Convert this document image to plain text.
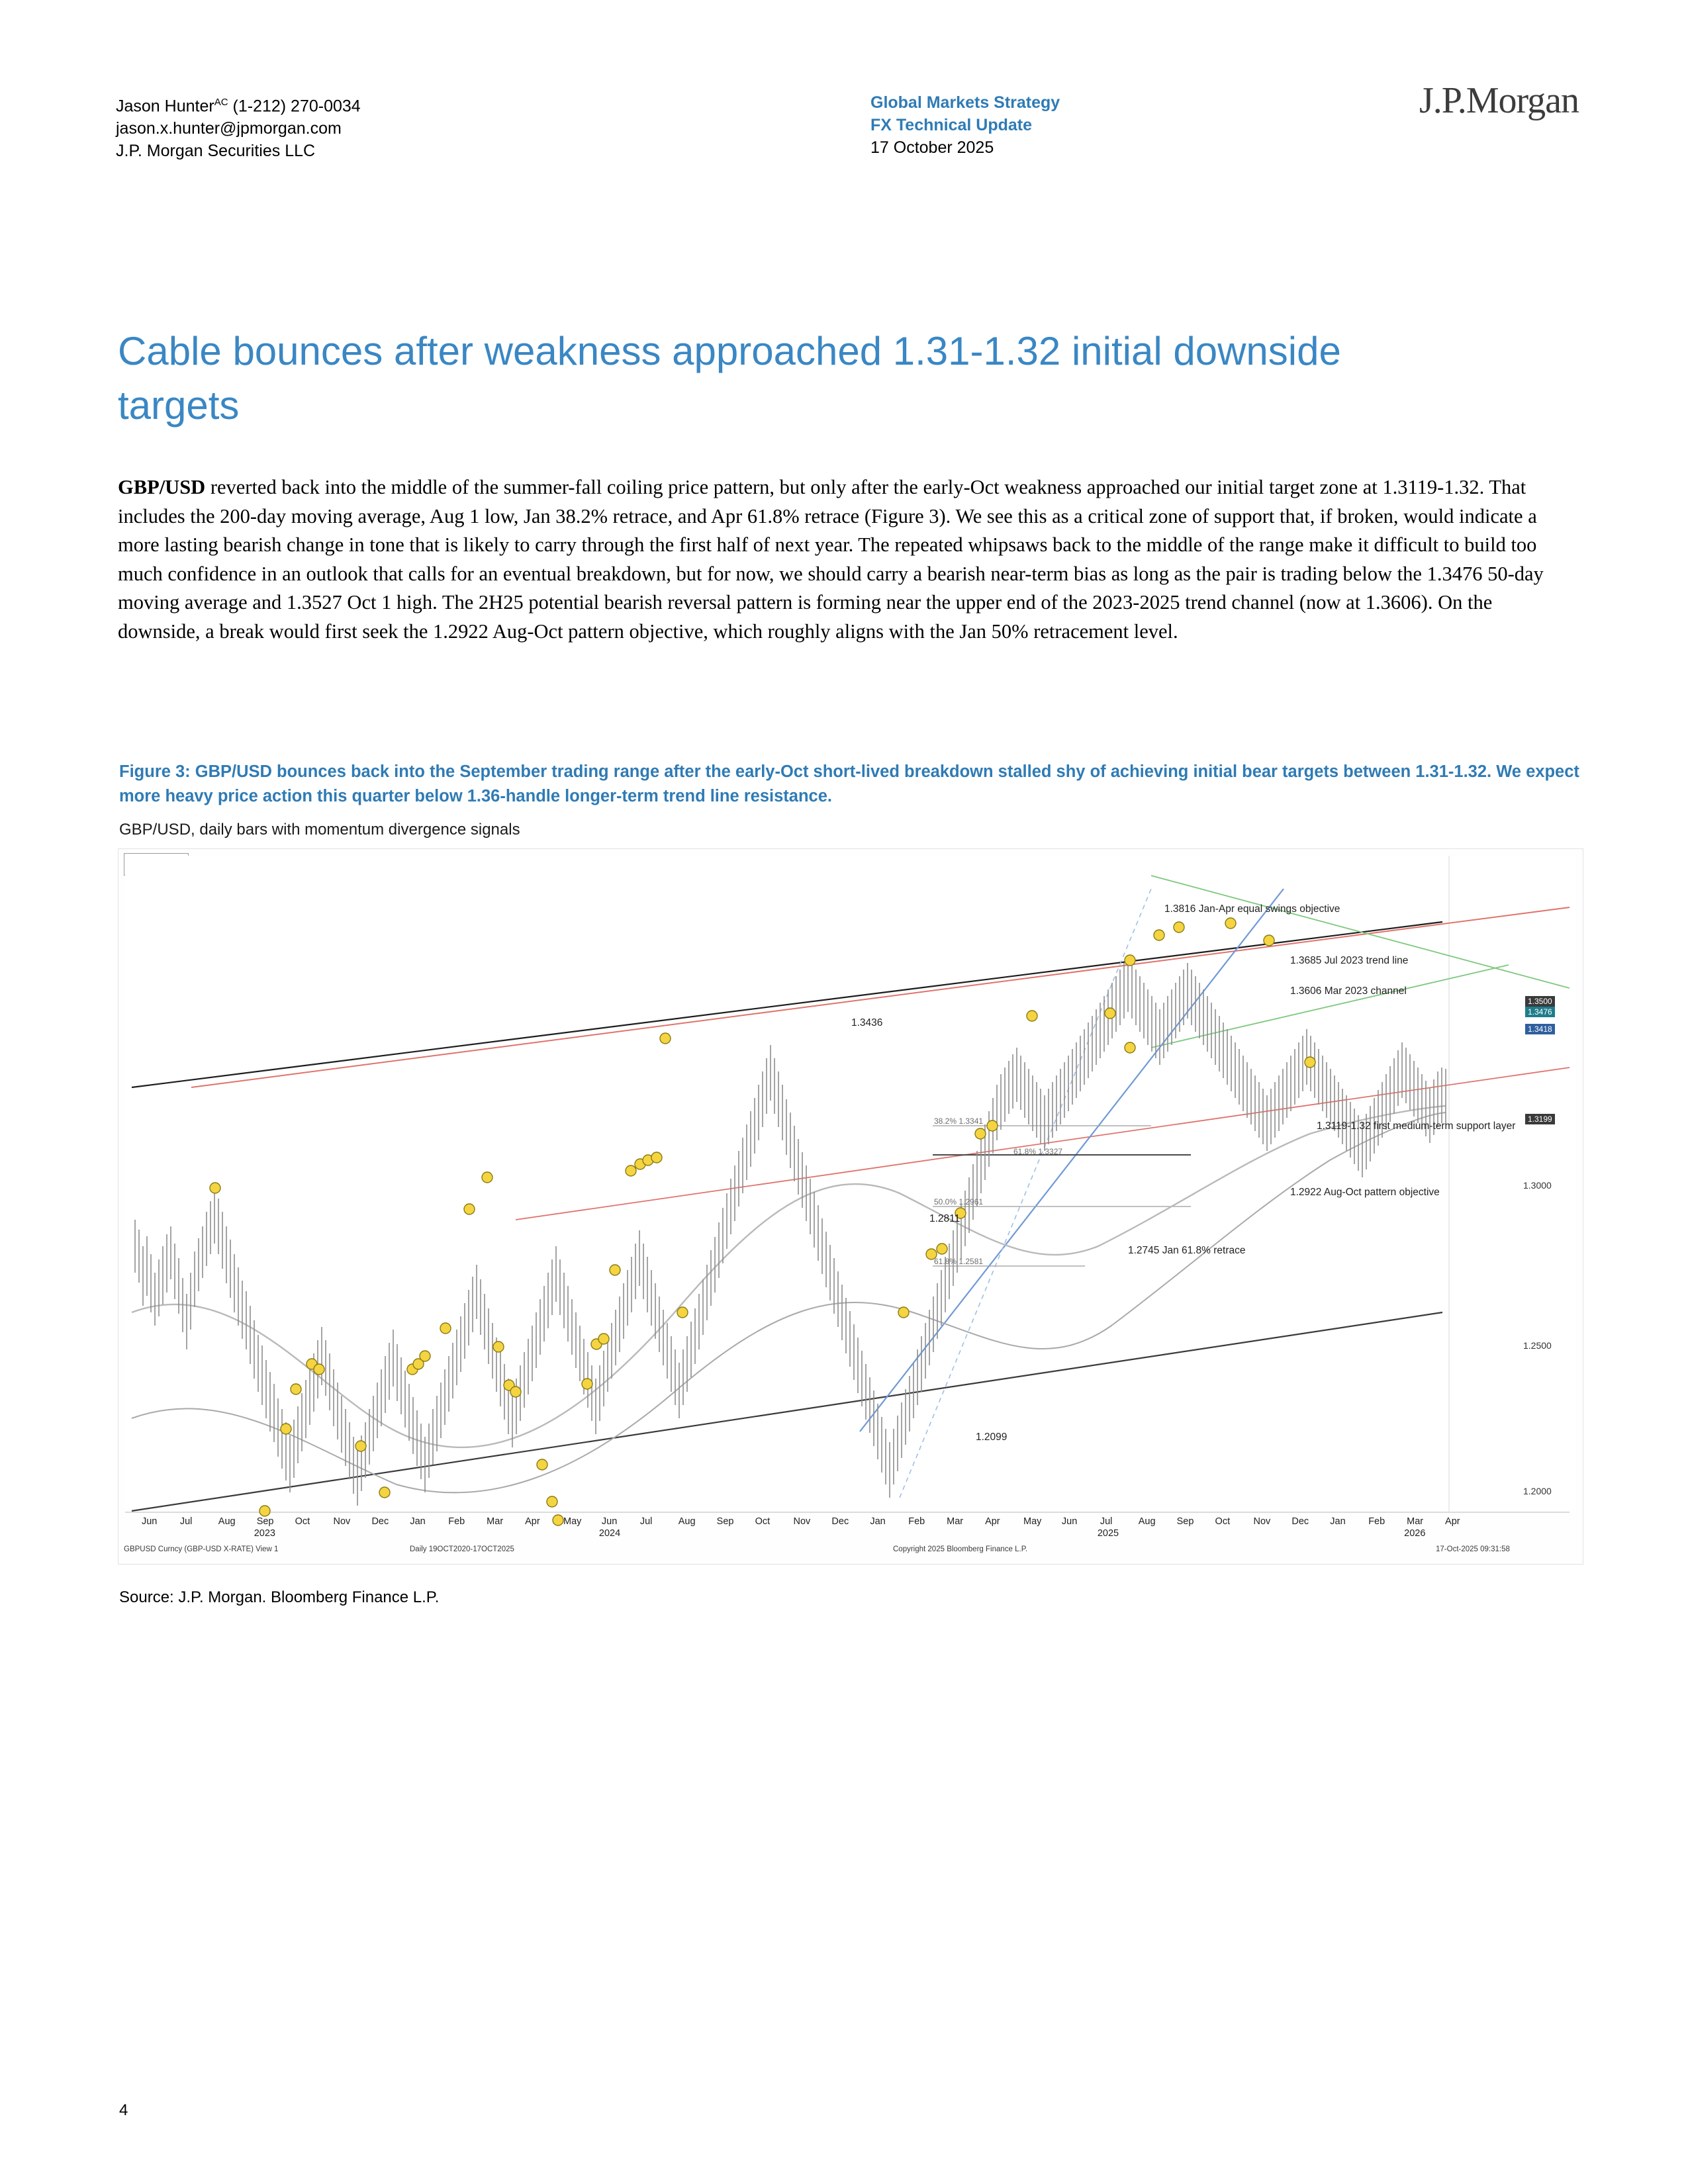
Jason Hunter$^{AC}$ (1-212) 270-0034
jason.x.hunter@jpmorgan.com
J.P. Morgan Securities LLC
Global Markets Strategy
FX Technical Update
17 October 2025
J.P.Morgan
Cable bounces after weakness approached 1.31-1.32 initial downside targets
GBP/USD reverted back into the middle of the summer-fall coiling price pattern, but only after the early-Oct weakness approached our initial target zone at 1.3119-1.32. That includes the 200-day moving average, Aug 1 low, Jan 38.2% retrace, and Apr 61.8% retrace (Figure 3). We see this as a critical zone of support that, if broken, would indicate a more lasting bearish change in tone that is likely to carry through the first half of next year. The repeated whipsaws back to the middle of the range make it difficult to build too much confidence in an outlook that calls for an eventual breakdown, but for now, we should carry a bearish near-term bias as long as the pair is trading below the 1.3476 50-day moving average and 1.3527 Oct 1 high. The 2H25 potential bearish reversal pattern is forming near the upper end of the 2023-2025 trend channel (now at 1.3606). On the downside, a break would first seek the 1.2922 Aug-Oct pattern objective, which roughly aligns with the Jan 50% retracement level.
Figure 3: GBP/USD bounces back into the September trading range after the early-Oct short-lived breakdown stalled shy of achieving initial bear targets between 1.31-1.32. We expect more heavy price action this quarter below 1.36-handle longer-term trend line resistance.
GBP/USD, daily bars with momentum divergence signals
1.3816 Jan-Apr equal swings objective
1.3685 Jul 2023 trend line
1.3606 Mar 2023 channel
1.3436
1.3119-1.32 first medium-term support layer
1.2922 Aug-Oct pattern objective
1.2811
1.2745 Jan 61.8% retrace
1.2099
38.2% 1.3341
61.8% 1.3327
50.0% 1.2961
61.8% 1.2581
1.3500
1.3476
1.3418
1.3199
1.3000
1.2500
1.2000
Jun Jul	Aug Sep Oct Nov Dec Jan Feb Mar Apr May Jun Jul	Aug Sep Oct Nov Dec Jan Feb Mar Apr May Jun Jul	Aug Sep Oct Nov Dec Jan Feb Mar Apr
2023	2024	2025	2026
GBPUSD Curncy (GBP-USD X-RATE) View 1	Daily 19OCT2020-17OCT2025	Copyright 2025 Bloomberg Finance L.P.	17-Oct-2025 09:31:58
Source: J.P. Morgan. Bloomberg Finance L.P.
4
